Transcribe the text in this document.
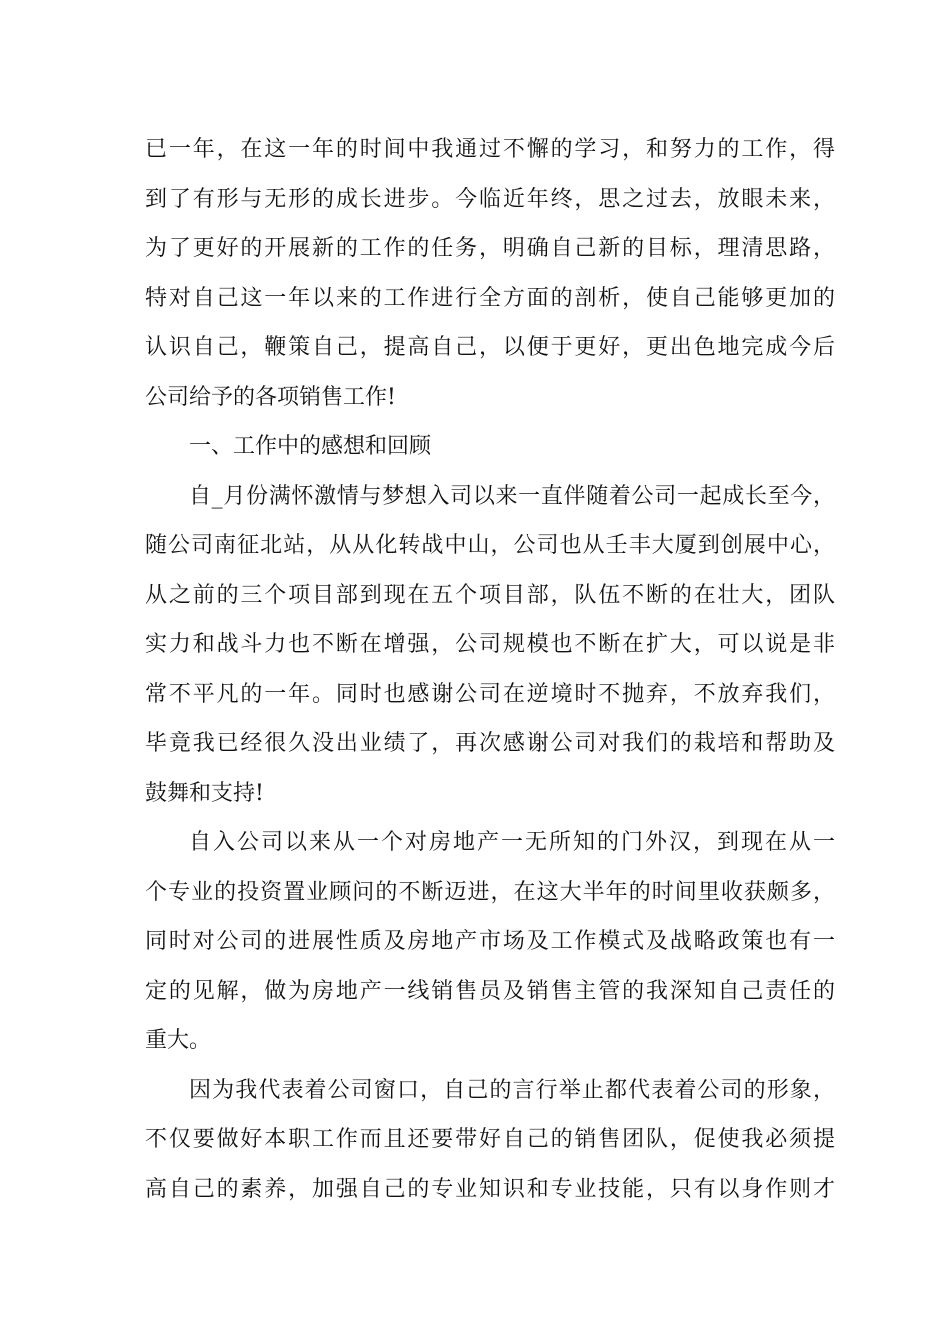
已一年，在这一年的时间中我通过不懈的学习，和努力的工作，得
到了有形与无形的成长进步。今临近年终，思之过去，放眼未来，
为了更好的开展新的工作的任务，明确自己新的目标，理清思路，
特对自己这一年以来的工作进行全方面的剖析，使自己能够更加的
认识自己，鞭策自己，提高自己，以便于更好，更出色地完成今后
公司给予的各项销售工作!
一、工作中的感想和回顾
自_月份满怀激情与梦想入司以来一直伴随着公司一起成长至今，
随公司南征北站，从从化转战中山，公司也从壬丰大厦到创展中心，
从之前的三个项目部到现在五个项目部，队伍不断的在壮大，团队
实力和战斗力也不断在增强，公司规模也不断在扩大，可以说是非
常不平凡的一年。同时也感谢公司在逆境时不抛弃，不放弃我们，
毕竟我已经很久没出业绩了，再次感谢公司对我们的栽培和帮助及
鼓舞和支持!
自入公司以来从一个对房地产一无所知的门外汉，到现在从一
个专业的投资置业顾问的不断迈进，在这大半年的时间里收获颇多，
同时对公司的进展性质及房地产市场及工作模式及战略政策也有一
定的见解，做为房地产一线销售员及销售主管的我深知自己责任的
重大。
因为我代表着公司窗口，自己的言行举止都代表着公司的形象，
不仅要做好本职工作而且还要带好自己的销售团队，促使我必须提
高自己的素养，加强自己的专业知识和专业技能，只有以身作则才
